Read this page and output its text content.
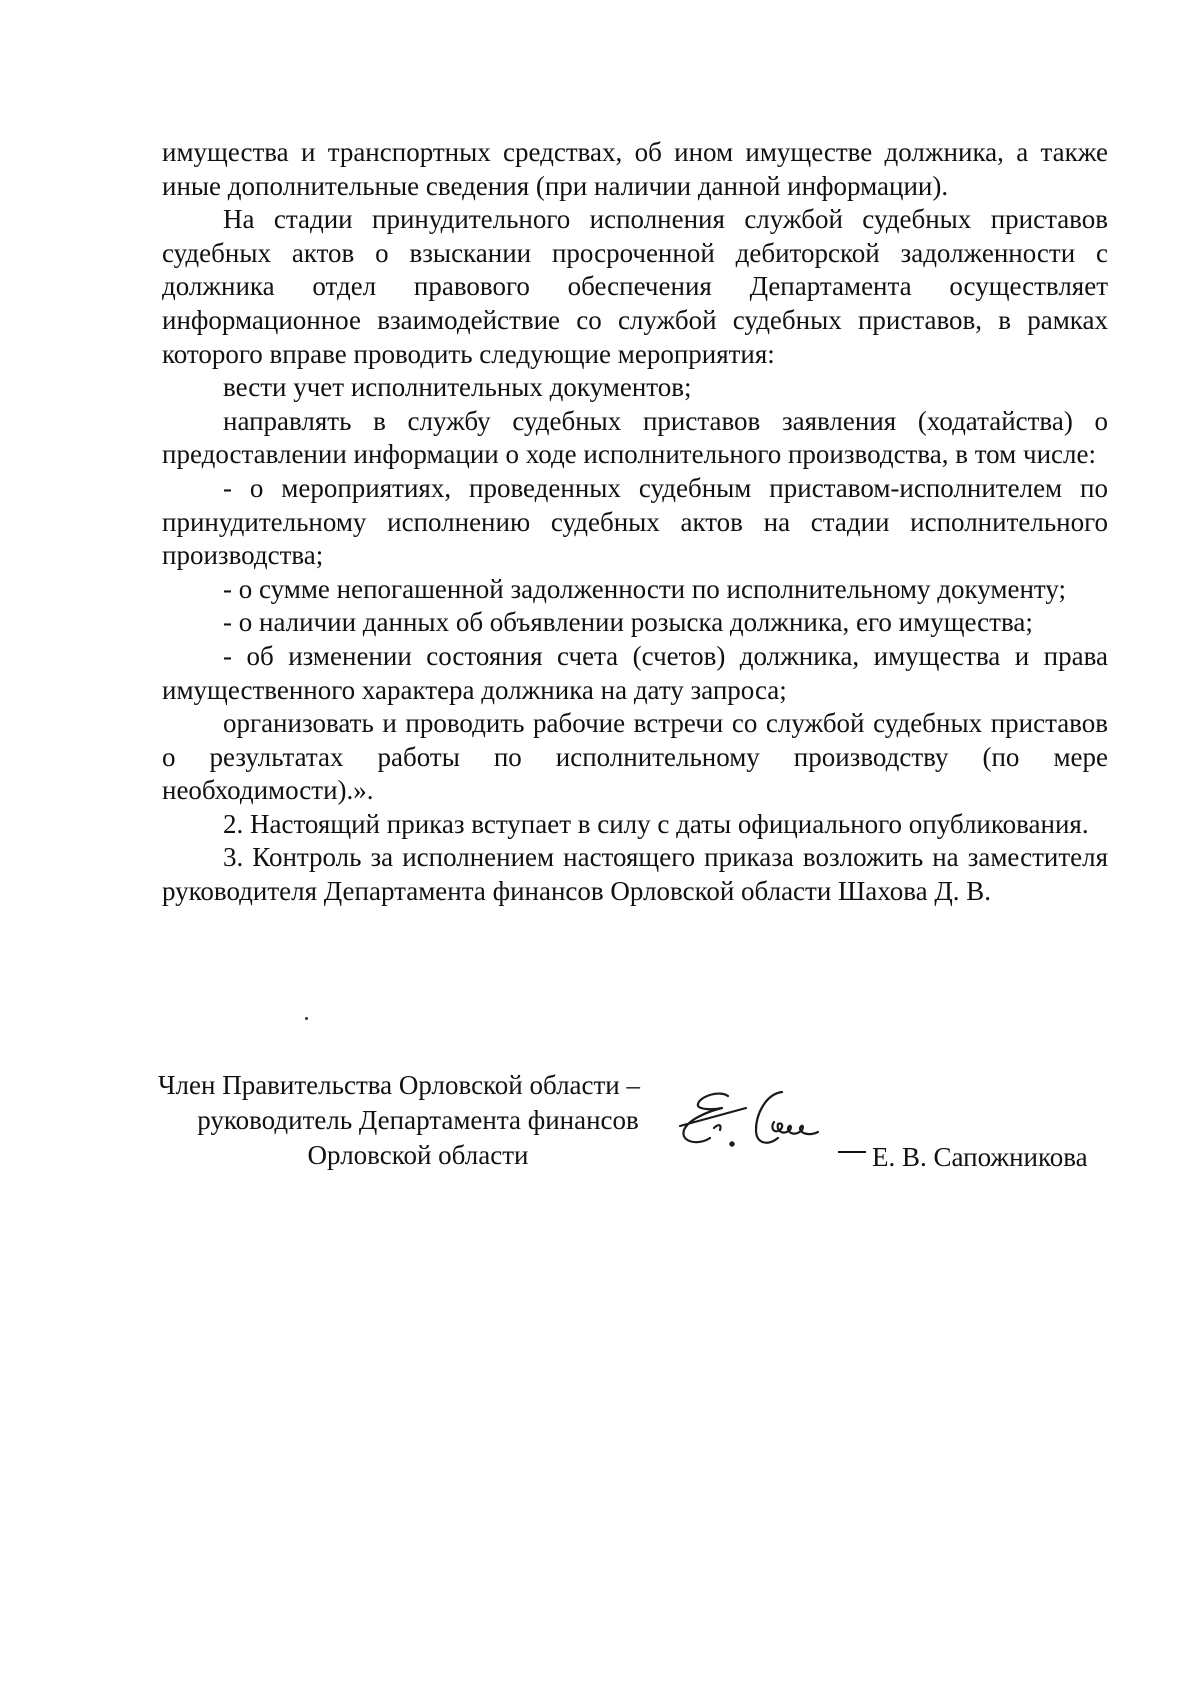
имущества и транспортных средствах, об ином имуществе должника, а также иные дополнительные сведения (при наличии данной информации).

На стадии принудительного исполнения службой судебных приставов судебных актов о взыскании просроченной дебиторской задолженности с должника отдел правового обеспечения Департамента осуществляет информационное взаимодействие со службой судебных приставов, в рамках которого вправе проводить следующие мероприятия:

вести учет исполнительных документов;

направлять в службу судебных приставов заявления (ходатайства) о предоставлении информации о ходе исполнительного производства, в том числе:

- о мероприятиях, проведенных судебным приставом-исполнителем по принудительному исполнению судебных актов на стадии исполнительного производства;

- о сумме непогашенной задолженности по исполнительному документу;

- о наличии данных об объявлении розыска должника, его имущества;

- об изменении состояния счета (счетов) должника, имущества и права имущественного характера должника на дату запроса;

организовать и проводить рабочие встречи со службой судебных приставов о результатах работы по исполнительному производству (по мере необходимости).».

2. Настоящий приказ вступает в силу с даты официального опубликования.

3. Контроль за исполнением настоящего приказа возложить на заместителя руководителя Департамента финансов Орловской области Шахова Д. В.

Член Правительства Орловской области –
руководитель Департамента финансов
Орловской области	Е. В. Сапожникова
